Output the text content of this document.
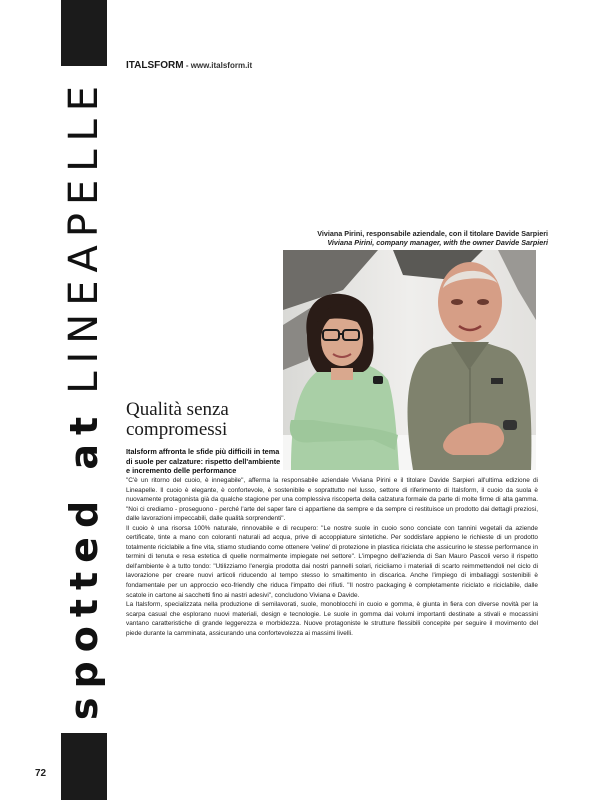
spotted at
LINEAPELLE
72
ITALSFORM - www.italsform.it
Viviana Pirini, responsabile aziendale, con il titolare Davide Sarpieri
Viviana Pirini, company manager, with the owner Davide Sarpieri
Qualità senza
compromessi
Italsform affronta le sfide più difficili in tema di suole per calzature: rispetto dell'ambiente e incremento delle performance

"C'è un ritorno del cuoio, è innegabile", afferma la responsabile aziendale Viviana Pirini e il titolare Davide Sarpieri all'ultima edizione di Lineapelle. Il cuoio è elegante, è confortevole, è sostenibile e soprattutto nel lusso, settore di riferimento di Italsform, il cuoio da suola è nuovamente protagonista già da qualche stagione per una complessiva riscoperta della calzatura formale da parte di molte firme di alta gamma. "Noi ci crediamo - proseguono - perché l'arte del saper fare ci appartiene da sempre e da sempre ci restituisce un prodotto dai dettagli preziosi, dalle lavorazioni impeccabili, dalle qualità sorprendenti".

Il cuoio è una risorsa 100% naturale, rinnovabile e di recupero: "Le nostre suole in cuoio sono conciate con tannini vegetali da aziende certificate, tinte a mano con coloranti naturali ad acqua, prive di accoppiature sintetiche. Per soddisfare appieno le richieste di un prodotto totalmente riciclabile a fine vita, stiamo studiando come ottenere 'veline' di protezione in plastica riciclata che assicurino le stesse performance in termini di tenuta e resa estetica di quelle normalmente impiegate nel settore". L'impegno dell'azienda di San Mauro Pascoli verso il rispetto dell'ambiente è a tutto tondo: "Utilizziamo l'energia prodotta dai nostri pannelli solari, ricicliamo i materiali di scarto reimmettendoli nel ciclo di lavorazione per creare nuovi articoli riducendo al tempo stesso lo smaltimento in discarica. Anche l'impiego di imballaggi sostenibili è fondamentale per un approccio eco-friendly che riduca l'impatto dei rifiuti. "Il nostro packaging è completamente riciclato e riciclabile, dalle scatole in cartone ai sacchetti fino ai nastri adesivi", concludono Viviana e Davide.

La Italsform, specializzata nella produzione di semilavorati, suole, monoblocchi in cuoio e gomma, è giunta in fiera con diverse novità per la scarpa casual che esplorano nuovi materiali, design e tecnologie. Le suole in gomma dai volumi importanti destinate a stivali e mocassini vantano caratteristiche di grande leggerezza e morbidezza. Nuove protagoniste le strutture flessibili concepite per seguire il movimento del piede durante la camminata, assicurando una confortevolezza ai massimi livelli.
